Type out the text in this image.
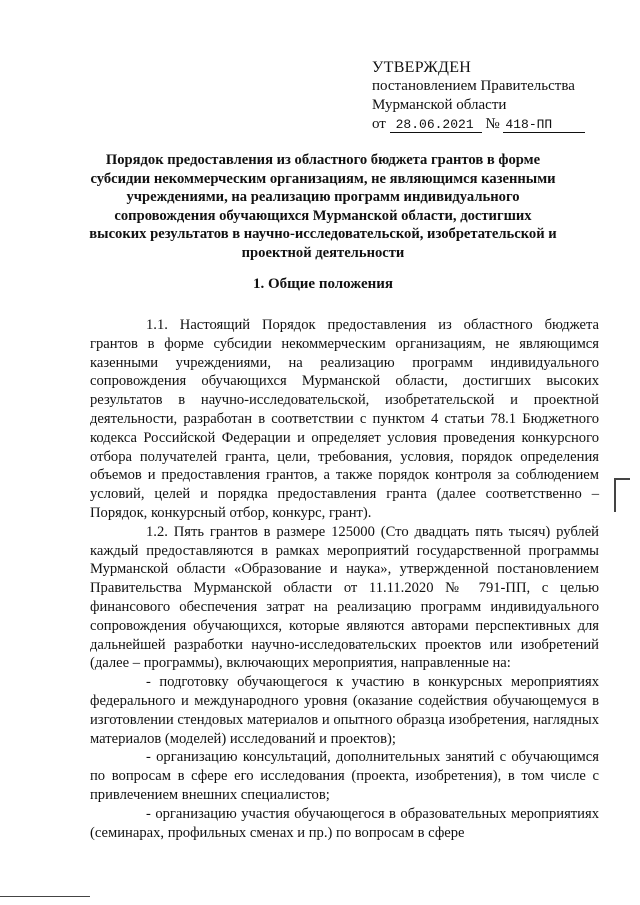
УТВЕРЖДЕН
постановлением Правительства
Мурманской области
от 28.06.2021 № 418-ПП
Порядок предоставления из областного бюджета грантов в форме субсидии некоммерческим организациям, не являющимся казенными учреждениями, на реализацию программ индивидуального сопровождения обучающихся Мурманской области, достигших высоких результатов в научно-исследовательской, изобретательской и проектной деятельности
1. Общие положения

1.1. Настоящий Порядок предоставления из областного бюджета грантов в форме субсидии некоммерческим организациям, не являющимся казенными учреждениями, на реализацию программ индивидуального сопровождения обучающихся Мурманской области, достигших высоких результатов в научно-исследовательской, изобретательской и проектной деятельности, разработан в соответствии с пунктом 4 статьи 78.1 Бюджетного кодекса Российской Федерации и определяет условия проведения конкурсного отбора получателей гранта, цели, требования, условия, порядок определения объемов и предоставления грантов, а также порядок контроля за соблюдением условий, целей и порядка предоставления гранта (далее соответственно – Порядок, конкурсный отбор, конкурс, грант).

1.2. Пять грантов в размере 125000 (Сто двадцать пять тысяч) рублей каждый предоставляются в рамках мероприятий государственной программы Мурманской области «Образование и наука», утвержденной постановлением Правительства Мурманской области от 11.11.2020 № 791-ПП, с целью финансового обеспечения затрат на реализацию программ индивидуального сопровождения обучающихся, которые являются авторами перспективных для дальнейшей разработки научно-исследовательских проектов или изобретений (далее – программы), включающих мероприятия, направленные на:

- подготовку обучающегося к участию в конкурсных мероприятиях федерального и международного уровня (оказание содействия обучающемуся в изготовлении стендовых материалов и опытного образца изобретения, наглядных материалов (моделей) исследований и проектов);

- организацию консультаций, дополнительных занятий с обучающимся по вопросам в сфере его исследования (проекта, изобретения), в том числе с привлечением внешних специалистов;

- организацию участия обучающегося в образовательных мероприятиях (семинарах, профильных сменах и пр.) по вопросам в сфере
